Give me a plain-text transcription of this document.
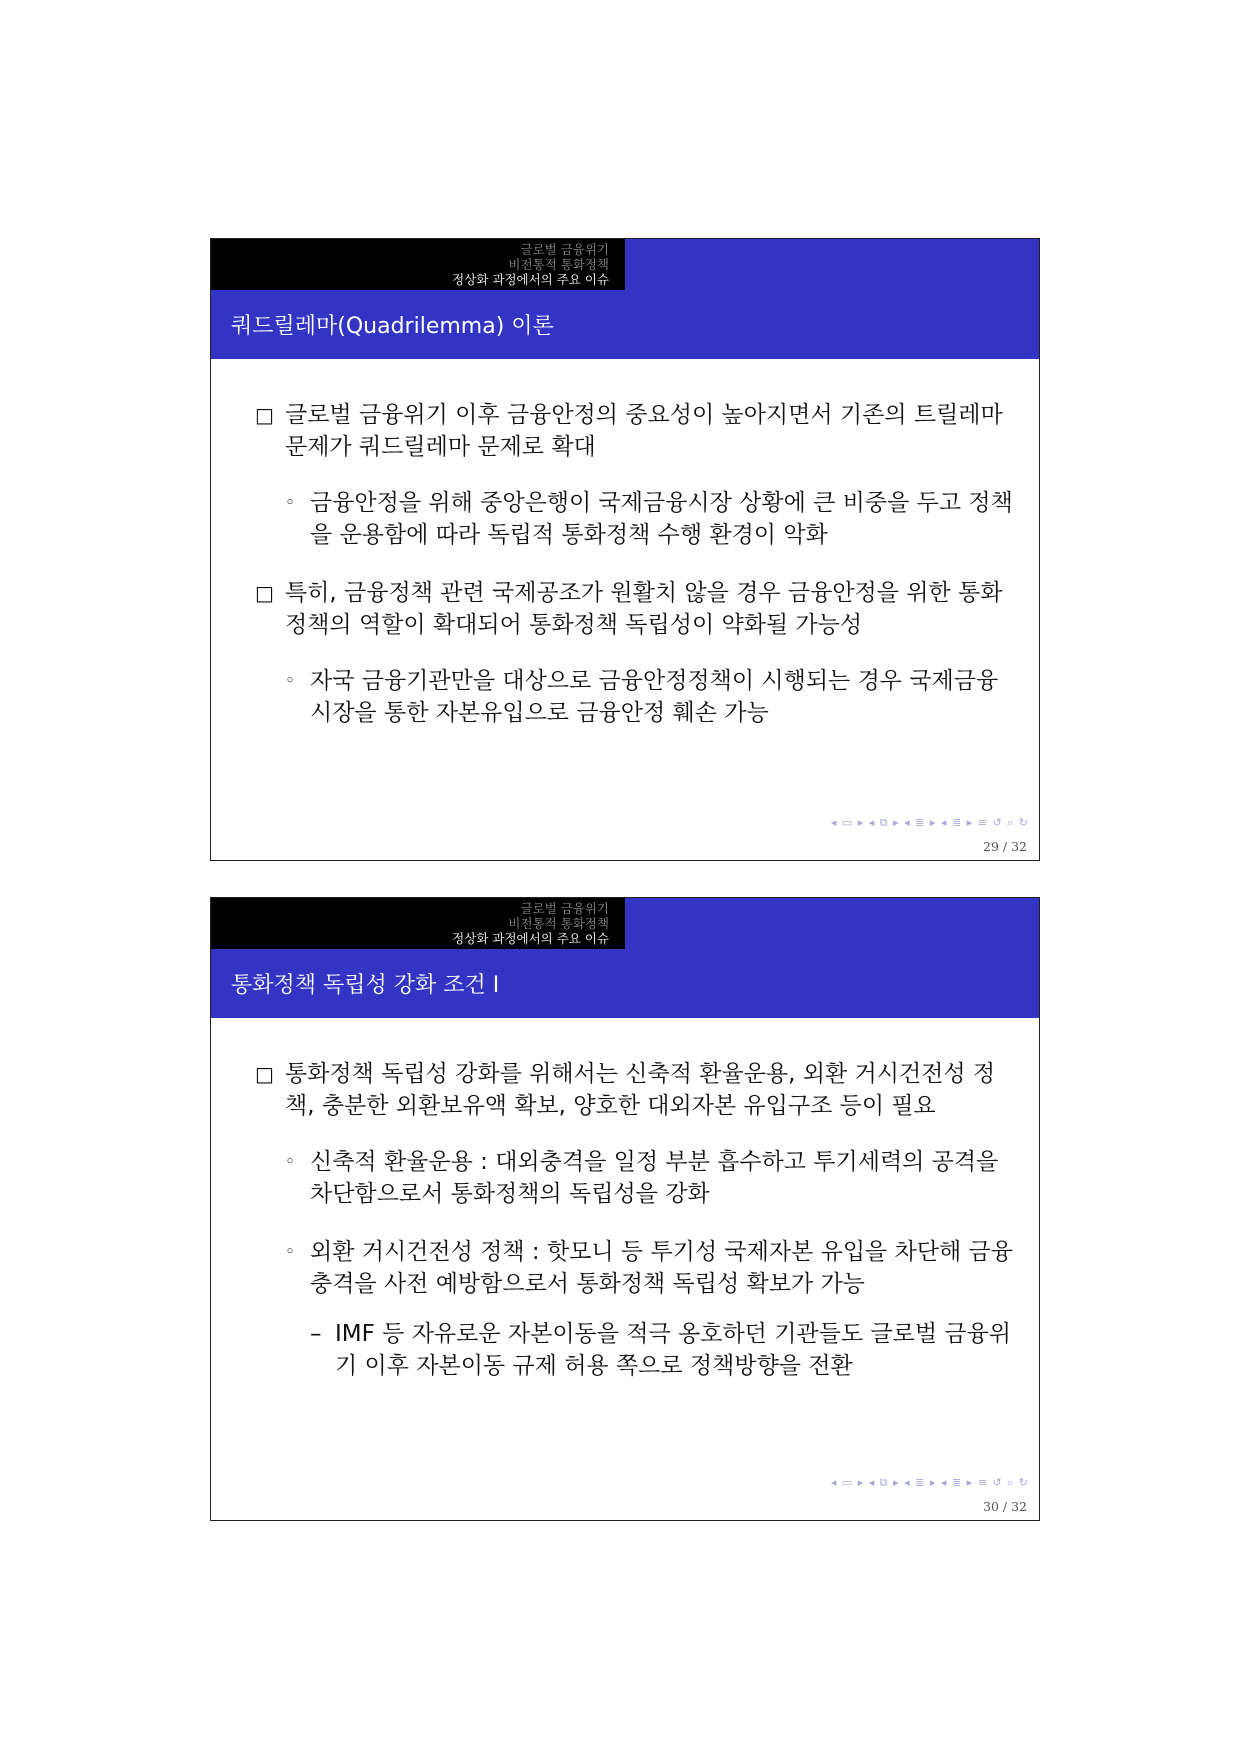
글로벌 금융위기
비전통적 통화정책
정상화 과정에서의 주요 이슈
쿼드릴레마(Quadrilemma) 이론
□ 글로벌 금융위기 이후 금융안정의 중요성이 높아지면서 기존의 트릴레마 문제가 쿼드릴레마 문제로 확대
◦ 금융안정을 위해 중앙은행이 국제금융시장 상황에 큰 비중을 두고 정책을 운용함에 따라 독립적 통화정책 수행 환경이 악화
□ 특히, 금융정책 관련 국제공조가 원활치 않을 경우 금융안정을 위한 통화정책의 역할이 확대되어 통화정책 독립성이 약화될 가능성
◦ 자국 금융기관만을 대상으로 금융안정정책이 시행되는 경우 국제금융시장을 통한 자본유입으로 금융안정 훼손 가능
◂ ▭ ▸ ◂ ⧉ ▸ ◂ ≣ ▸ ◂ ≣ ▸ ≡ ↺ ⌕ ↻
29 / 32
글로벌 금융위기
비전통적 통화정책
정상화 과정에서의 주요 이슈
통화정책 독립성 강화 조건 I
□ 통화정책 독립성 강화를 위해서는 신축적 환율운용, 외환 거시건전성 정책, 충분한 외환보유액 확보, 양호한 대외자본 유입구조 등이 필요
◦ 신축적 환율운용 : 대외충격을 일정 부분 흡수하고 투기세력의 공격을 차단함으로서 통화정책의 독립성을 강화
◦ 외환 거시건전성 정책 : 핫모니 등 투기성 국제자본 유입을 차단해 금융충격을 사전 예방함으로서 통화정책 독립성 확보가 가능
– IMF 등 자유로운 자본이동을 적극 옹호하던 기관들도 글로벌 금융위기 이후 자본이동 규제 허용 쪽으로 정책방향을 전환
◂ ▭ ▸ ◂ ⧉ ▸ ◂ ≣ ▸ ◂ ≣ ▸ ≡ ↺ ⌕ ↻
30 / 32
